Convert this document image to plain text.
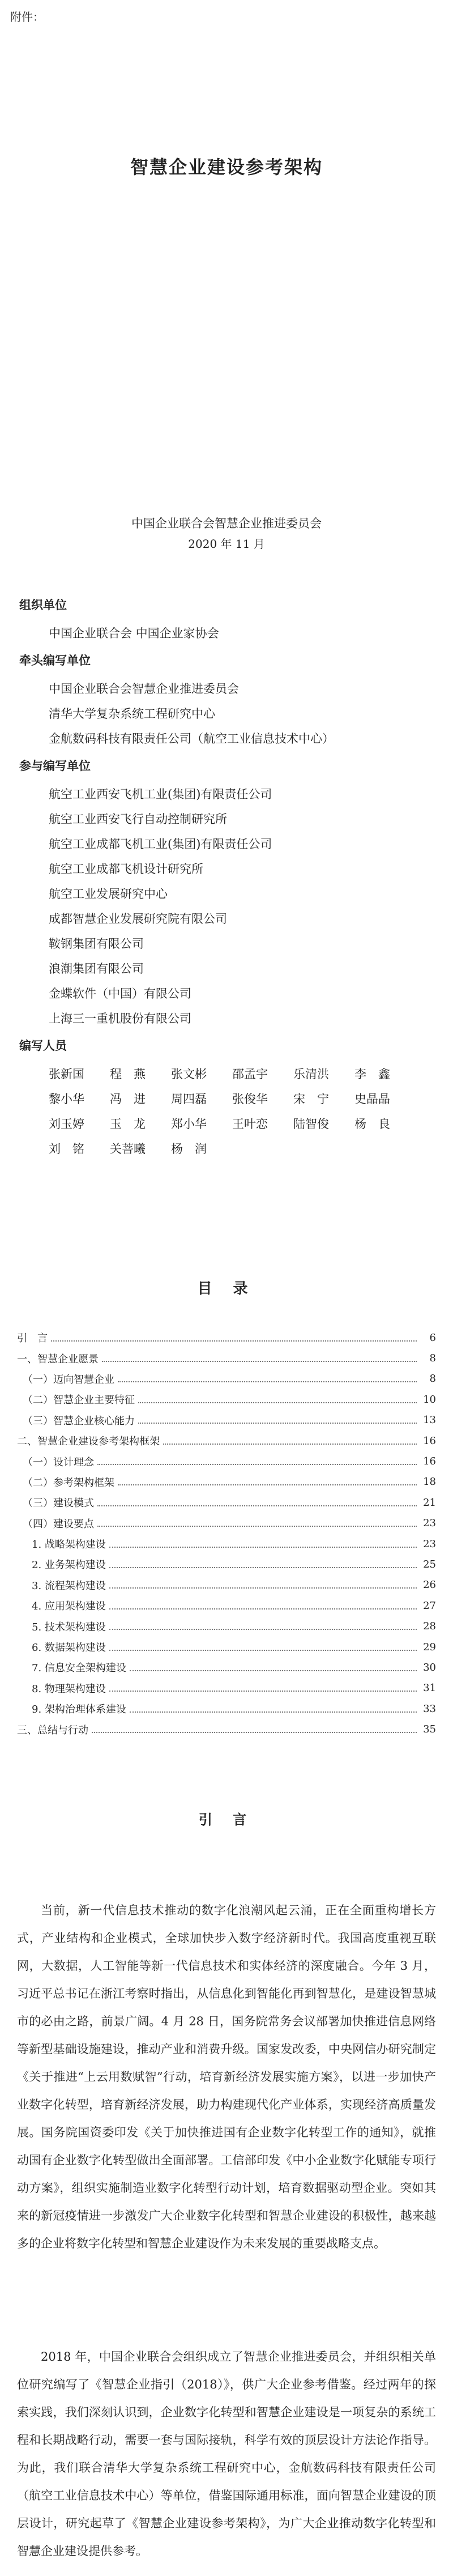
附件：
智慧企业建设参考架构
中国企业联合会智慧企业推进委员会
2020 年 11 月
组织单位
中国企业联合会 中国企业家协会
牵头编写单位
中国企业联合会智慧企业推进委员会
清华大学复杂系统工程研究中心
金航数码科技有限责任公司（航空工业信息技术中心）
参与编写单位
航空工业西安飞机工业(集团)有限责任公司
航空工业西安飞行自动控制研究所
航空工业成都飞机工业(集团)有限责任公司
航空工业成都飞机设计研究所
航空工业发展研究中心
成都智慧企业发展研究院有限公司
鞍钢集团有限公司
浪潮集团有限公司
金蝶软件（中国）有限公司
上海三一重机股份有限公司
编写人员
张新国	程　燕	张文彬	邵孟宇	乐清洪	李　鑫
黎小华	冯　进	周四磊	张俊华	宋　宁	史晶晶
刘玉婷	玉　龙	郑小华	王叶恋	陆智俊	杨　良
刘　铭	关菩曦	杨　润
目 录
引　言	6
一、智慧企业愿景	8
（一）迈向智慧企业	8
（二）智慧企业主要特征	10
（三）智慧企业核心能力	13
二、智慧企业建设参考架构框架	16
（一）设计理念	16
（二）参考架构框架	18
（三）建设模式	21
（四）建设要点	23
1. 战略架构建设	23
2. 业务架构建设	25
3. 流程架构建设	26
4. 应用架构建设	27
5. 技术架构建设	28
6. 数据架构建设	29
7. 信息安全架构建设	30
8. 物理架构建设	31
9. 架构治理体系建设	33
三、总结与行动	35
引 言
当前，新一代信息技术推动的数字化浪潮风起云涌，正在全面重构增长方式，产业结构和企业模式，全球加快步入数字经济新时代。我国高度重视互联网，大数据，人工智能等新一代信息技术和实体经济的深度融合。今年 3 月，习近平总书记在浙江考察时指出，从信息化到智能化再到智慧化，是建设智慧城市的必由之路，前景广阔。4 月 28 日，国务院常务会议部署加快推进信息网络等新型基础设施建设，推动产业和消费升级。国家发改委，中央网信办研究制定《关于推进“上云用数赋智”行动，培育新经济发展实施方案》，以进一步加快产业数字化转型，培育新经济发展，助力构建现代化产业体系，实现经济高质量发展。国务院国资委印发《关于加快推进国有企业数字化转型工作的通知》，就推动国有企业数字化转型做出全面部署。工信部印发《中小企业数字化赋能专项行动方案》，组织实施制造业数字化转型行动计划，培育数据驱动型企业。突如其来的新冠疫情进一步激发广大企业数字化转型和智慧企业建设的积极性，越来越多的企业将数字化转型和智慧企业建设作为未来发展的重要战略支点。
2018 年，中国企业联合会组织成立了智慧企业推进委员会，并组织相关单位研究编写了《智慧企业指引（2018）》，供广大企业参考借鉴。经过两年的探索实践，我们深刻认识到，企业数字化转型和智慧企业建设是一项复杂的系统工程和长期战略行动，需要一套与国际接轨，科学有效的顶层设计方法论作指导。为此，我们联合清华大学复杂系统工程研究中心，金航数码科技有限责任公司（航空工业信息技术中心）等单位，借鉴国际通用标准，面向智慧企业建设的顶层设计，研究起草了《智慧企业建设参考架构》，为广大企业推动数字化转型和智慧企业建设提供参考。
